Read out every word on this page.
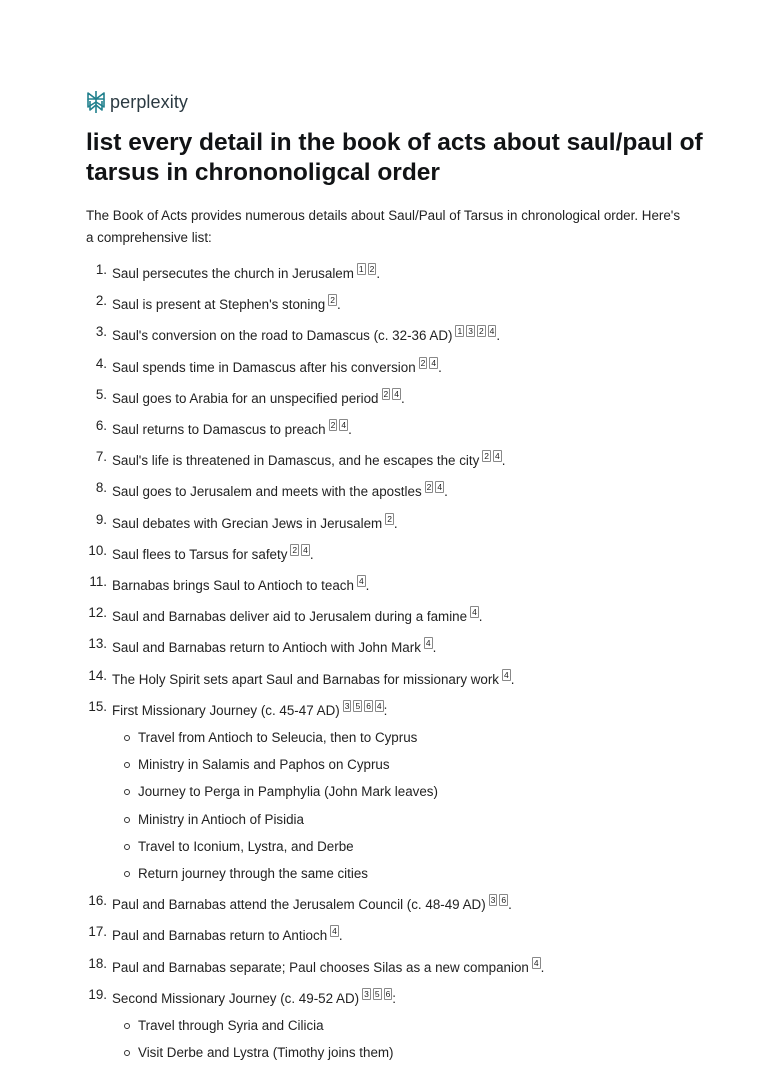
perplexity
list every detail in the book of acts about saul/paul of tarsus in chrononoligcal order

The Book of Acts provides numerous details about Saul/Paul of Tarsus in chronological order. Here's a comprehensive list:

1. Saul persecutes the church in Jerusalem $^{1 2}$ .
2. Saul is present at Stephen's stoning $^2$ .
3. Saul's conversion on the road to Damascus (c. 32-36 AD) $^{1 3 2 4}$ .
4. Saul spends time in Damascus after his conversion $^{2 4}$ .
5. Saul goes to Arabia for an unspecified period $^{2 4}$ .
6. Saul returns to Damascus to preach $^{2 4}$ .
7. Saul's life is threatened in Damascus, and he escapes the city $^{2 4}$ .
8. Saul goes to Jerusalem and meets with the apostles $^{2 4}$ .
9. Saul debates with Grecian Jews in Jerusalem $^2$ .
10. Saul flees to Tarsus for safety $^{2 4}$ .
11. Barnabas brings Saul to Antioch to teach $^4$ .
12. Saul and Barnabas deliver aid to Jerusalem during a famine $^4$ .
13. Saul and Barnabas return to Antioch with John Mark $^4$ .
14. The Holy Spirit sets apart Saul and Barnabas for missionary work $^4$ .
15. First Missionary Journey (c. 45-47 AD) $^{3 5 6 4}$ :
Travel from Antioch to Seleucia, then to Cyprus
Ministry in Salamis and Paphos on Cyprus
Journey to Perga in Pamphylia (John Mark leaves)
Ministry in Antioch of Pisidia
Travel to Iconium, Lystra, and Derbe
Return journey through the same cities
16. Paul and Barnabas attend the Jerusalem Council (c. 48-49 AD) $^{3 6}$ .
17. Paul and Barnabas return to Antioch $^4$ .
18. Paul and Barnabas separate; Paul chooses Silas as a new companion $^4$ .
19. Second Missionary Journey (c. 49-52 AD) $^{3 5 6}$ :
Travel through Syria and Cilicia
Visit Derbe and Lystra (Timothy joins them)
